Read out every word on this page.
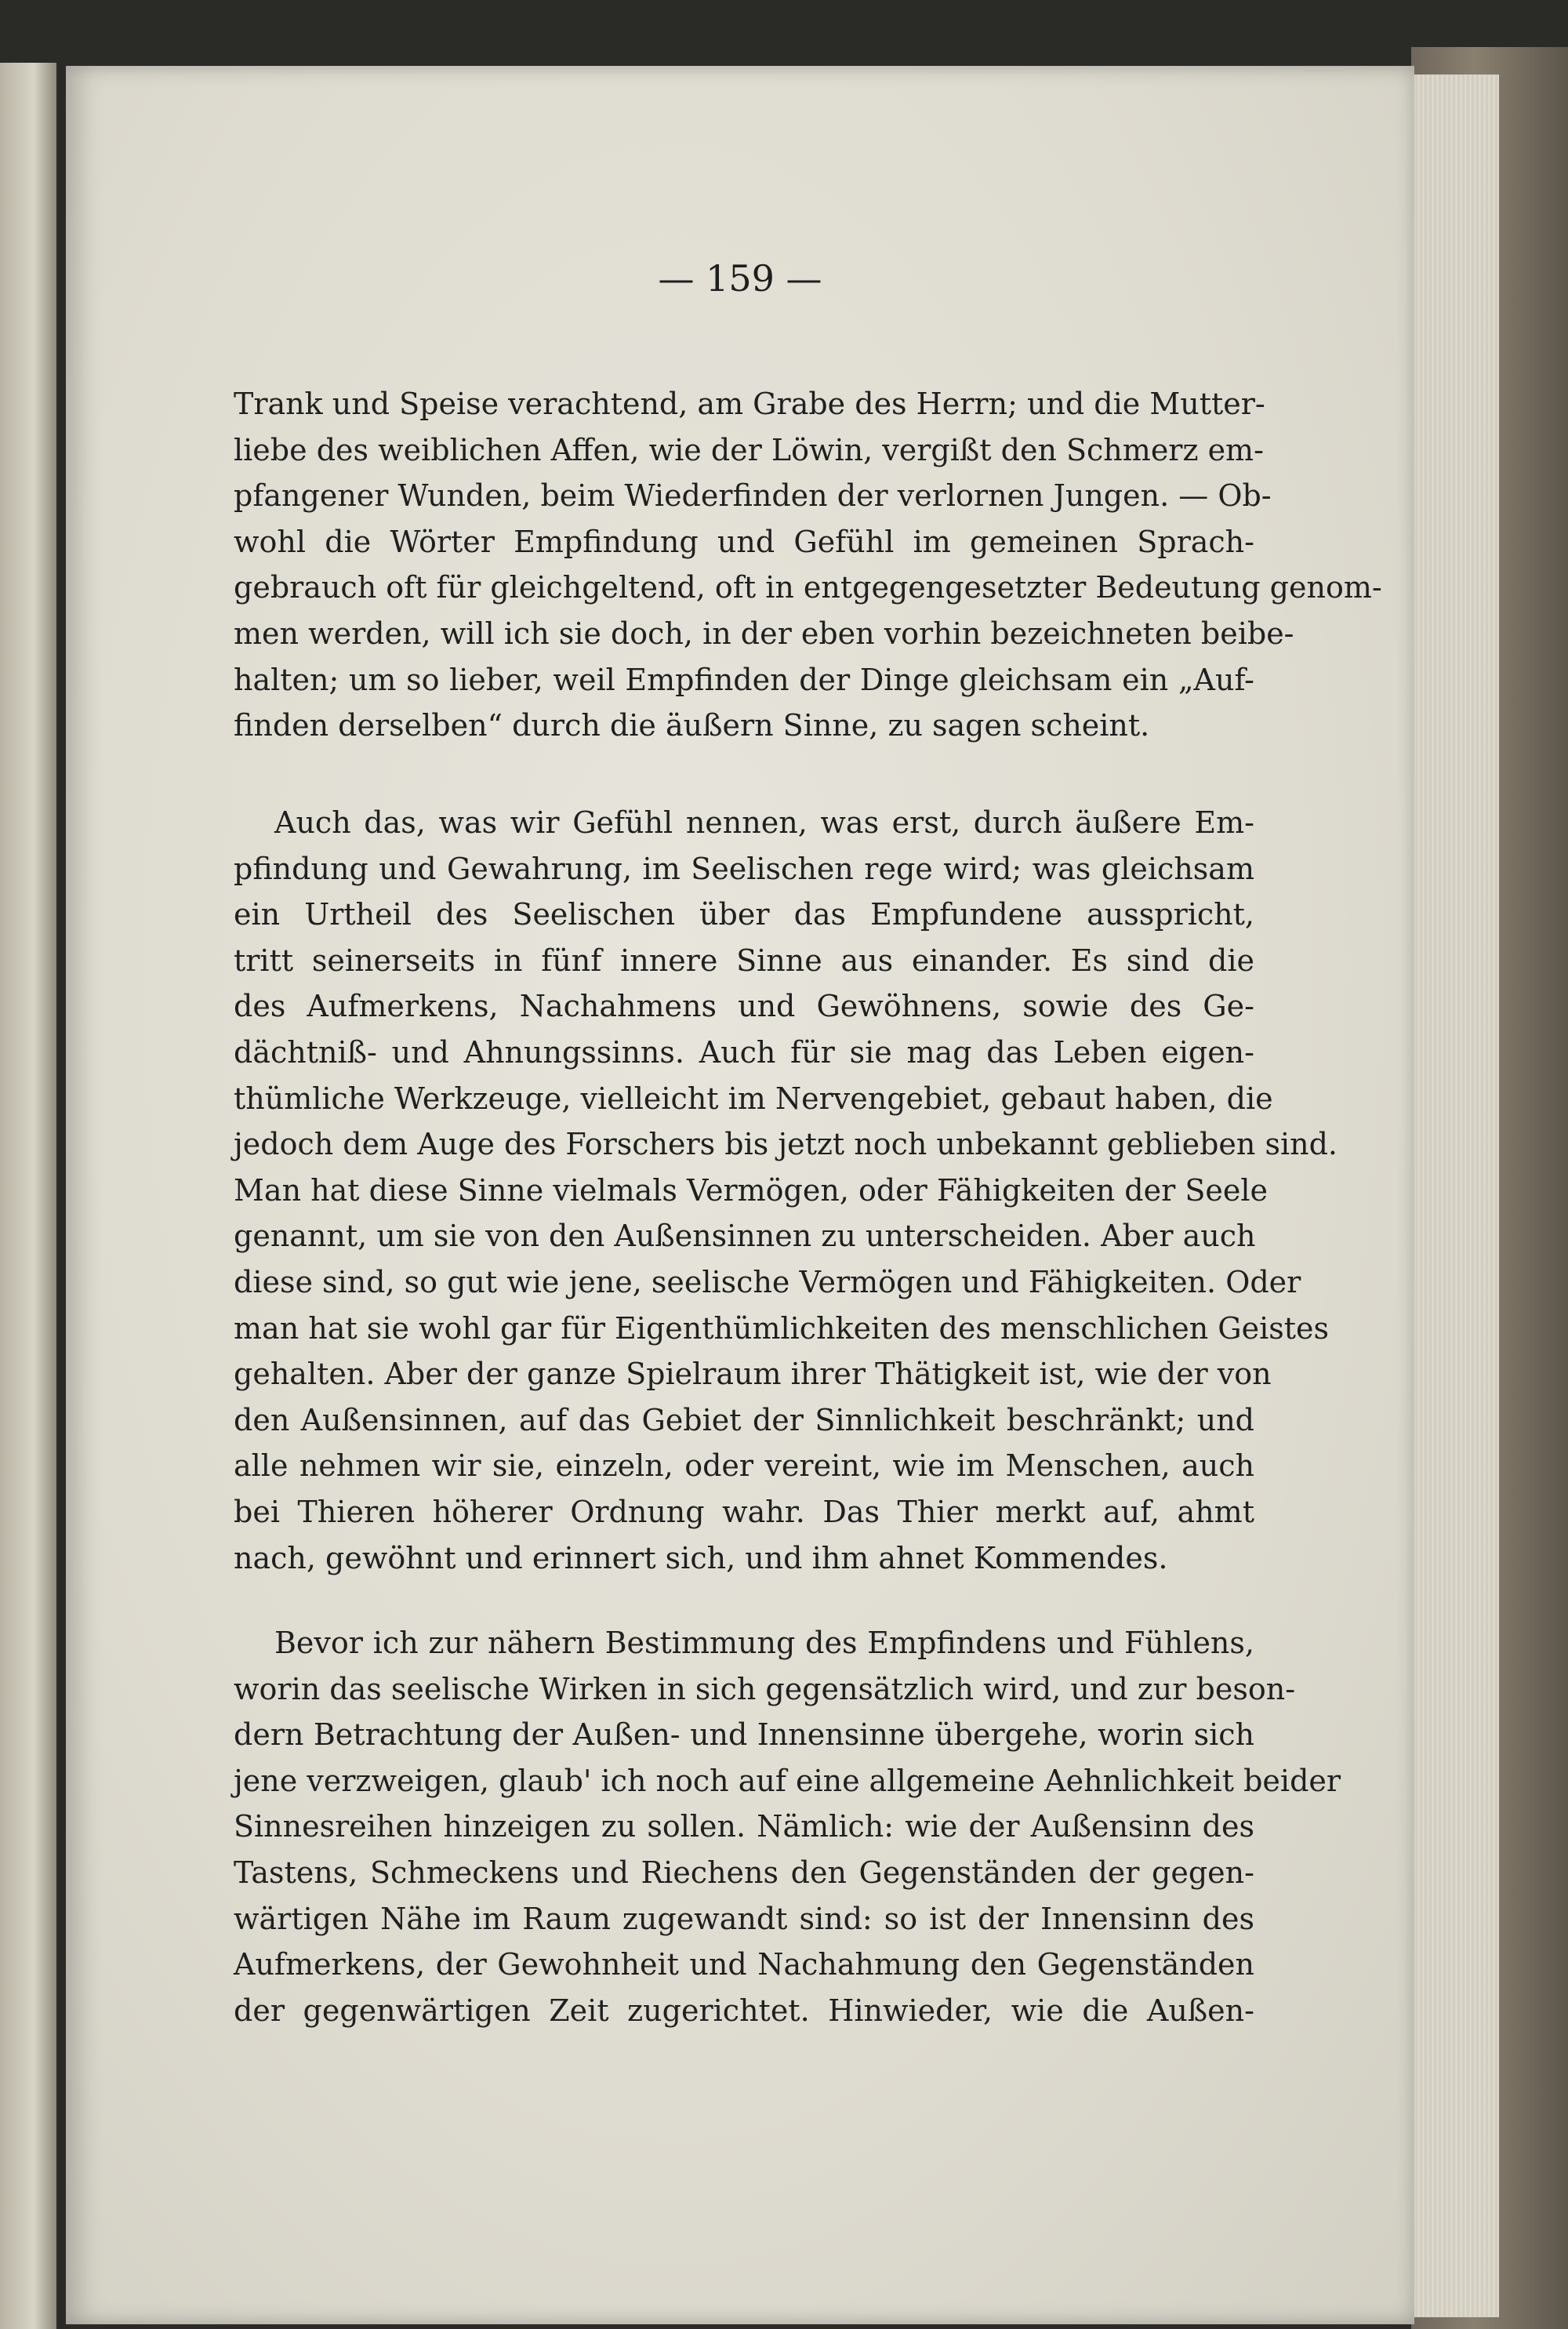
— 159 —
Trank und Speise verachtend, am Grabe des Herrn; und die Mutter-
liebe des weiblichen Affen, wie der Löwin, vergißt den Schmerz em-
pfangener Wunden, beim Wiederfinden der verlornen Jungen. — Ob-
wohl die Wörter Empfindung und Gefühl im gemeinen Sprach-
gebrauch oft für gleichgeltend, oft in entgegengesetzter Bedeutung genom-
men werden, will ich sie doch, in der eben vorhin bezeichneten beibe-
halten; um so lieber, weil Empfinden der Dinge gleichsam ein „Auf-
finden derselben“ durch die äußern Sinne, zu sagen scheint.
Auch das, was wir Gefühl nennen, was erst, durch äußere Em-
pfindung und Gewahrung, im Seelischen rege wird; was gleichsam
ein Urtheil des Seelischen über das Empfundene ausspricht,
tritt seinerseits in fünf innere Sinne aus einander. Es sind die
des Aufmerkens, Nachahmens und Gewöhnens, sowie des Ge-
dächtniß- und Ahnungssinns. Auch für sie mag das Leben eigen-
thümliche Werkzeuge, vielleicht im Nervengebiet, gebaut haben, die
jedoch dem Auge des Forschers bis jetzt noch unbekannt geblieben sind.
Man hat diese Sinne vielmals Vermögen, oder Fähigkeiten der Seele
genannt, um sie von den Außensinnen zu unterscheiden. Aber auch
diese sind, so gut wie jene, seelische Vermögen und Fähigkeiten. Oder
man hat sie wohl gar für Eigenthümlichkeiten des menschlichen Geistes
gehalten. Aber der ganze Spielraum ihrer Thätigkeit ist, wie der von
den Außensinnen, auf das Gebiet der Sinnlichkeit beschränkt; und
alle nehmen wir sie, einzeln, oder vereint, wie im Menschen, auch
bei Thieren höherer Ordnung wahr. Das Thier merkt auf, ahmt
nach, gewöhnt und erinnert sich, und ihm ahnet Kommendes.
Bevor ich zur nähern Bestimmung des Empfindens und Fühlens,
worin das seelische Wirken in sich gegensätzlich wird, und zur beson-
dern Betrachtung der Außen- und Innensinne übergehe, worin sich
jene verzweigen, glaub' ich noch auf eine allgemeine Aehnlichkeit beider
Sinnesreihen hinzeigen zu sollen. Nämlich: wie der Außensinn des
Tastens, Schmeckens und Riechens den Gegenständen der gegen-
wärtigen Nähe im Raum zugewandt sind: so ist der Innensinn des
Aufmerkens, der Gewohnheit und Nachahmung den Gegenständen
der gegenwärtigen Zeit zugerichtet. Hinwieder, wie die Außen-
